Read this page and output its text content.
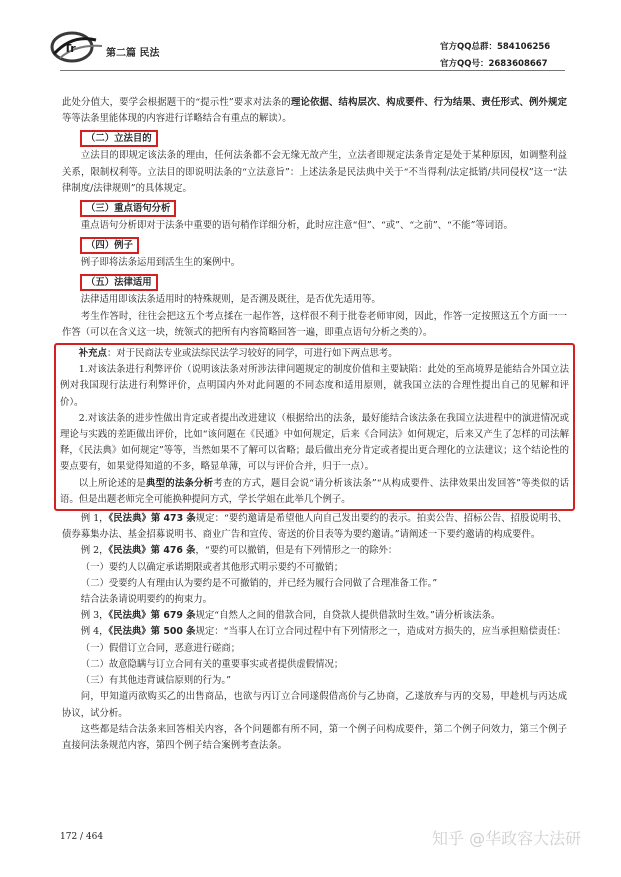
Tr	第二篇 民法
官方QQ总群：584106256
官方QQ号：2683608667

此处分值大，要学会根据题干的“提示性”要求对法条的理论依据、结构层次、构成要件、行为结果、责任形式、例外规定等等法条里能体现的内容进行详略结合有重点的解读）。

（二）立法目的

立法目的即规定该法条的理由，任何法条都不会无缘无故产生，立法者即规定法条肯定是处于某种原因，如调整利益关系，限制权利等。立法目的即说明法条的“立法意旨”：上述法条是民法典中关于“不当得利/法定抵销/共同侵权”这一“法律制度/法律规则”的具体规定。

（三）重点语句分析

重点语句分析即对于法条中重要的语句稍作详细分析，此时应注意“但”、“或”、“之前”、“不能”等词语。

（四）例子

例子即将法条运用到活生生的案例中。

（五）法律适用

法律适用即该法条适用时的特殊规则，是否溯及既往，是否优先适用等。

考生作答时，往往会把这五个考点揉在一起作答，这样很不利于批卷老师审阅，因此，作答一定按照这五个方面一一作答（可以在含义这一块，统领式的把所有内容简略回答一遍，即重点语句分析之类的）。

补充点：对于民商法专业或法综民法学习较好的同学，可进行如下两点思考。

1.对该法条进行利弊评价（说明该法条对所涉法律问题规定的制度价值和主要缺陷：此处的至高境界是能结合外国立法例对我国现行法进行利弊评价，点明国内外对此问题的不同态度和适用原则，就我国立法的合理性提出自己的见解和评价）。

2.对该法条的进步性做出肯定或者提出改进建议（根据给出的法条，最好能结合该法条在我国立法进程中的演进情况或理论与实践的差距做出评价，比如“该问题在《民通》中如何规定，后来《合同法》如何规定，后来又产生了怎样的司法解释，《民法典》如何规定”等等，当然如果不了解可以省略；最后做出充分肯定或者提出更合理化的立法建议；这个结论性的要点要有，如果觉得知道的不多，略显单薄，可以与评价合并，归于一点）。

以上所论述的是典型的法条分析考查的方式，题目会说“请分析该法条”“从构成要件、法律效果出发回答”等类似的话语。但是出题老师完全可能换种提问方式，学长学姐在此举几个例子。

例 1，《民法典》第 473 条规定：“要约邀请是希望他人向自己发出要约的表示。拍卖公告、招标公告、招股说明书、债券募集办法、基金招募说明书、商业广告和宣传、寄送的价目表等为要约邀请。”请阐述一下要约邀请的构成要件。

例 2，《民法典》第 476 条，“要约可以撤销，但是有下列情形之一的除外：

（一）要约人以确定承诺期限或者其他形式明示要约不可撤销；

（二）受要约人有理由认为要约是不可撤销的，并已经为履行合同做了合理准备工作。”

结合法条请说明要约的拘束力。

例 3，《民法典》第 679 条规定“自然人之间的借款合同，自贷款人提供借款时生效。”请分析该法条。

例 4，《民法典》第 500 条规定：“当事人在订立合同过程中有下列情形之一，造成对方损失的，应当承担赔偿责任：

（一）假借订立合同，恶意进行磋商；

（二）故意隐瞒与订立合同有关的重要事实或者提供虚假情况；

（三）有其他违背诚信原则的行为。”

问，甲知道丙欲购买乙的出售商品，也欲与丙订立合同遂假借高价与乙协商，乙遂放弃与丙的交易，甲趁机与丙达成协议，试分析。

这些都是结合法条来回答相关内容，各个问题都有所不同，第一个例子问构成要件，第二个例子问效力，第三个例子直接问法条规范内容，第四个例子结合案例考查法条。

172 / 464	知乎 @华政容大法研
